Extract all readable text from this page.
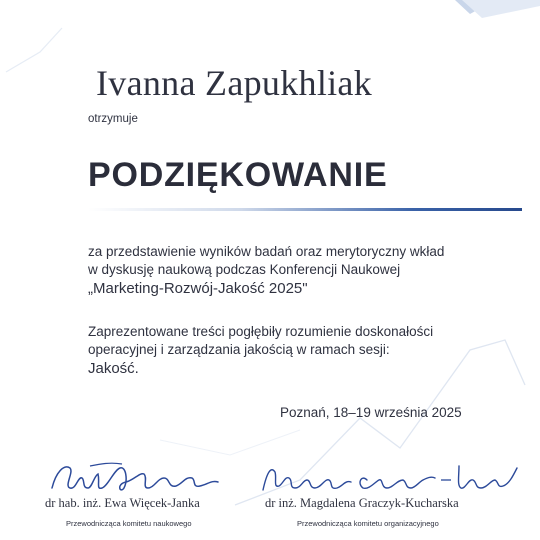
Ivanna Zapukhliak
otrzymuje
PODZIĘKOWANIE
za przedstawienie wyników badań oraz merytoryczny wkład
w dyskusję naukową podczas Konferencji Naukowej
„Marketing-Rozwój-Jakość 2025"
Zaprezentowane treści pogłębiły rozumienie doskonałości
operacyjnej i zarządzania jakością w ramach sesji:
Jakość.
Poznań, 18–19 września 2025
dr hab. inż. Ewa Więcek-Janka
Przewodnicząca komitetu naukowego
dr inż. Magdalena Graczyk-Kucharska
Przewodnicząca komitetu organizacyjnego
